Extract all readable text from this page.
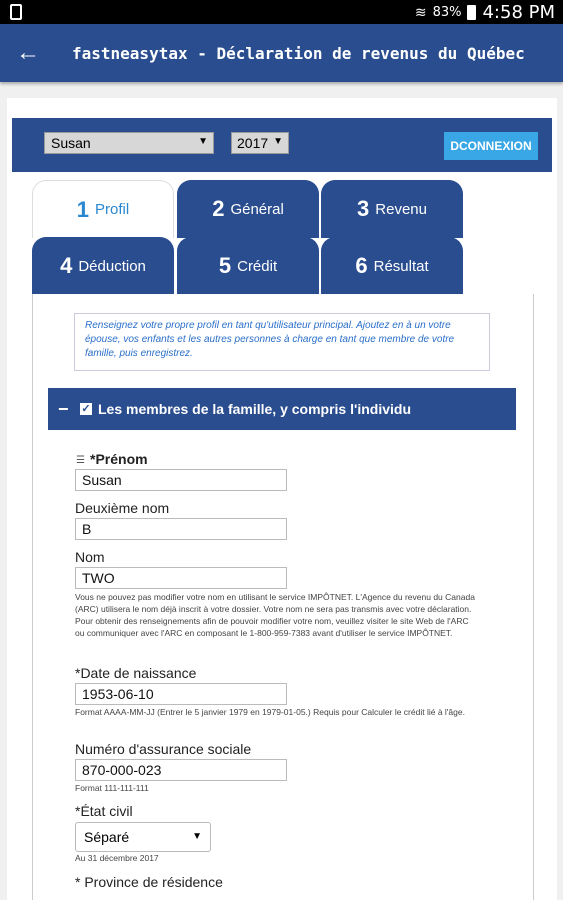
≋ 83% 4:58 PM
←	fastneasytax - Déclaration de revenus du Québec
Susan	▼	2017 ▼	DCONNEXION
1 Profil	2 Général	3 Revenu
4 Déduction	5 Crédit	6 Résultat
Renseignez votre propre profil en tant qu'utilisateur principal. Ajoutez en à un votre épouse, vos enfants et les autres personnes à charge en tant que membre de votre famille, puis enregistrez.
−	✓ Les membres de la famille, y compris l'individu
☰ *Prénom
Susan
Deuxième nom
B
Nom
TWO
Vous ne pouvez pas modifier votre nom en utilisant le service IMPÔTNET. L'Agence du revenu du Canada (ARC) utilisera le nom déjà inscrit à votre dossier. Votre nom ne sera pas transmis avec votre déclaration. Pour obtenir des renseignements afin de pouvoir modifier votre nom, veuillez visiter le site Web de l'ARC ou communiquer avec l'ARC en composant le 1-800-959-7383 avant d'utiliser le service IMPÔTNET.
*Date de naissance
1953-06-10
Format AAAA-MM-JJ (Entrer le 5 janvier 1979 en 1979-01-05.) Requis pour Calculer le crédit lié à l'âge.
Numéro d'assurance sociale
870-000-023
Format 111-111-111
*État civil
Séparé	▼
Au 31 décembre 2017
* Province de résidence
